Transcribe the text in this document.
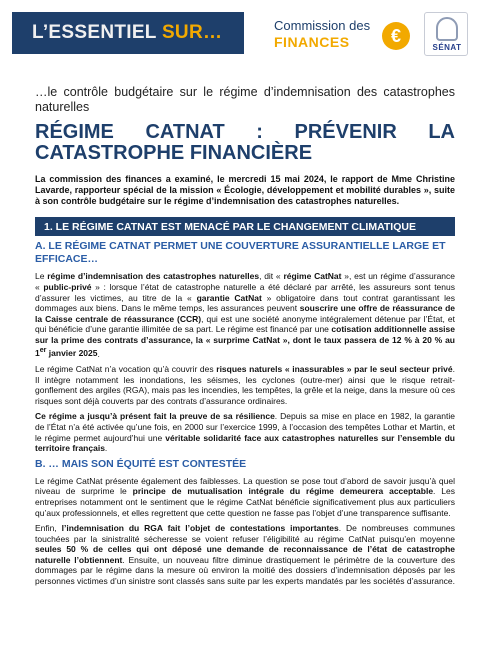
L’ESSENTIEL SUR…	Commission des
FINANCES	€
SÉNAT
…le contrôle budgétaire sur le régime d’indemnisation des catastrophes naturelles
RÉGIME CATNAT : PRÉVENIR LA CATASTROPHE FINANCIÈRE
La commission des finances a examiné, le mercredi 15 mai 2024, le rapport de Mme Christine Lavarde, rapporteur spécial de la mission « Écologie, développement et mobilité durables », suite à son contrôle budgétaire sur le régime d’indemnisation des catastrophes naturelles.
1. LE RÉGIME CATNAT EST MENACÉ PAR LE CHANGEMENT CLIMATIQUE
A. LE RÉGIME CATNAT PERMET UNE COUVERTURE ASSURANTIELLE LARGE ET EFFICACE…
Le régime d’indemnisation des catastrophes naturelles, dit « régime CatNat », est un régime d’assurance « public-privé » : lorsque l’état de catastrophe naturelle a été déclaré par arrêté, les assureurs sont tenus d’assurer les victimes, au titre de la « garantie CatNat » obligatoire dans tout contrat garantissant les dommages aux biens. Dans le même temps, les assurances peuvent souscrire une offre de réassurance de la Caisse centrale de réassurance (CCR), qui est une société anonyme intégralement détenue par l’État, et qui bénéficie d’une garantie illimitée de sa part. Le régime est financé par une cotisation additionnelle assise sur la prime des contrats d’assurance, la « surprime CatNat », dont le taux passera de 12 % à 20 % au 1er janvier 2025.
Le régime CatNat n’a vocation qu’à couvrir des risques naturels « inassurables » par le seul secteur privé. Il intègre notamment les inondations, les séismes, les cyclones (outre-mer) ainsi que le risque retrait-gonflement des argiles (RGA), mais pas les incendies, les tempêtes, la grêle et la neige, dans la mesure où ces risques sont déjà couverts par des contrats d’assurance ordinaires.
Ce régime a jusqu’à présent fait la preuve de sa résilience. Depuis sa mise en place en 1982, la garantie de l’État n’a été activée qu’une fois, en 2000 sur l’exercice 1999, à l’occasion des tempêtes Lothar et Martin, et le régime permet aujourd’hui une véritable solidarité face aux catastrophes naturelles sur l’ensemble du territoire français.
B. … MAIS SON ÉQUITÉ EST CONTESTÉE
Le régime CatNat présente également des faiblesses. La question se pose tout d’abord de savoir jusqu’à quel niveau de surprime le principe de mutualisation intégrale du régime demeurera acceptable. Les entreprises notamment ont le sentiment que le régime CatNat bénéficie significativement plus aux particuliers qu’aux professionnels, et elles regrettent que cette question ne fasse pas l’objet d’une transparence suffisante.
Enfin, l’indemnisation du RGA fait l’objet de contestations importantes. De nombreuses communes touchées par la sinistralité sécheresse se voient refuser l’éligibilité au régime CatNat puisqu’en moyenne seules 50 % de celles qui ont déposé une demande de reconnaissance de l’état de catastrophe naturelle l’obtiennent. Ensuite, un nouveau filtre diminue drastiquement le périmètre de la couverture des dommages par le régime dans la mesure où environ la moitié des dossiers d’indemnisation déposés par les personnes victimes d’un sinistre sont classés sans suite par les experts mandatés par les sociétés d’assurance.
